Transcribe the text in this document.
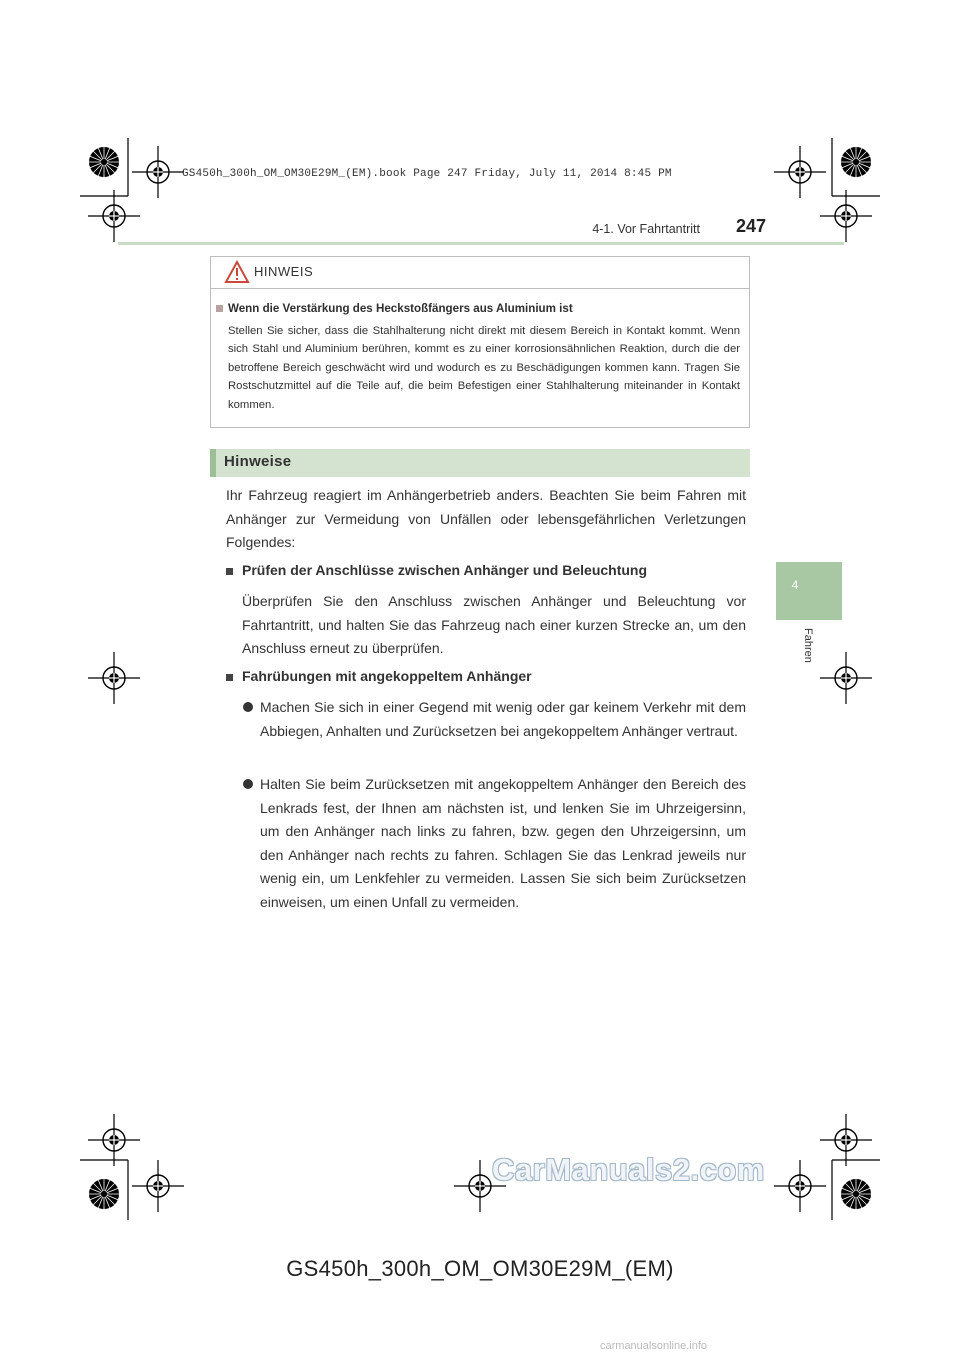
GS450h_300h_OM_OM30E29M_(EM).book Page 247 Friday, July 11, 2014 8:45 PM
4-1. Vor Fahrtantritt 247
4
Fahren
HINWEIS
Wenn die Verstärkung des Heckstoßfängers aus Aluminium ist
Stellen Sie sicher, dass die Stahlhalterung nicht direkt mit diesem Bereich in Kontakt kommt. Wenn sich Stahl und Aluminium berühren, kommt es zu einer korrosionsähnlichen Reaktion, durch die der betroffene Bereich geschwächt wird und wodurch es zu Beschädigungen kommen kann. Tragen Sie Rostschutzmittel auf die Teile auf, die beim Befestigen einer Stahlhalterung miteinander in Kontakt kommen.
Hinweise
Ihr Fahrzeug reagiert im Anhängerbetrieb anders. Beachten Sie beim Fahren mit Anhänger zur Vermeidung von Unfällen oder lebensgefährlichen Verletzungen Folgendes:
Prüfen der Anschlüsse zwischen Anhänger und Beleuchtung
Überprüfen Sie den Anschluss zwischen Anhänger und Beleuchtung vor Fahrtantritt, und halten Sie das Fahrzeug nach einer kurzen Strecke an, um den Anschluss erneut zu überprüfen.
Fahrübungen mit angekoppeltem Anhänger
Machen Sie sich in einer Gegend mit wenig oder gar keinem Verkehr mit dem Abbiegen, Anhalten und Zurücksetzen bei angekoppeltem Anhänger vertraut.
Halten Sie beim Zurücksetzen mit angekoppeltem Anhänger den Bereich des Lenkrads fest, der Ihnen am nächsten ist, und lenken Sie im Uhrzeigersinn, um den Anhänger nach links zu fahren, bzw. gegen den Uhrzeigersinn, um den Anhänger nach rechts zu fahren. Schlagen Sie das Lenkrad jeweils nur wenig ein, um Lenkfehler zu vermeiden. Lassen Sie sich beim Zurücksetzen einweisen, um einen Unfall zu vermeiden.
CarManuals2.com
GS450h_300h_OM_OM30E29M_(EM)
carmanualsonline.info
